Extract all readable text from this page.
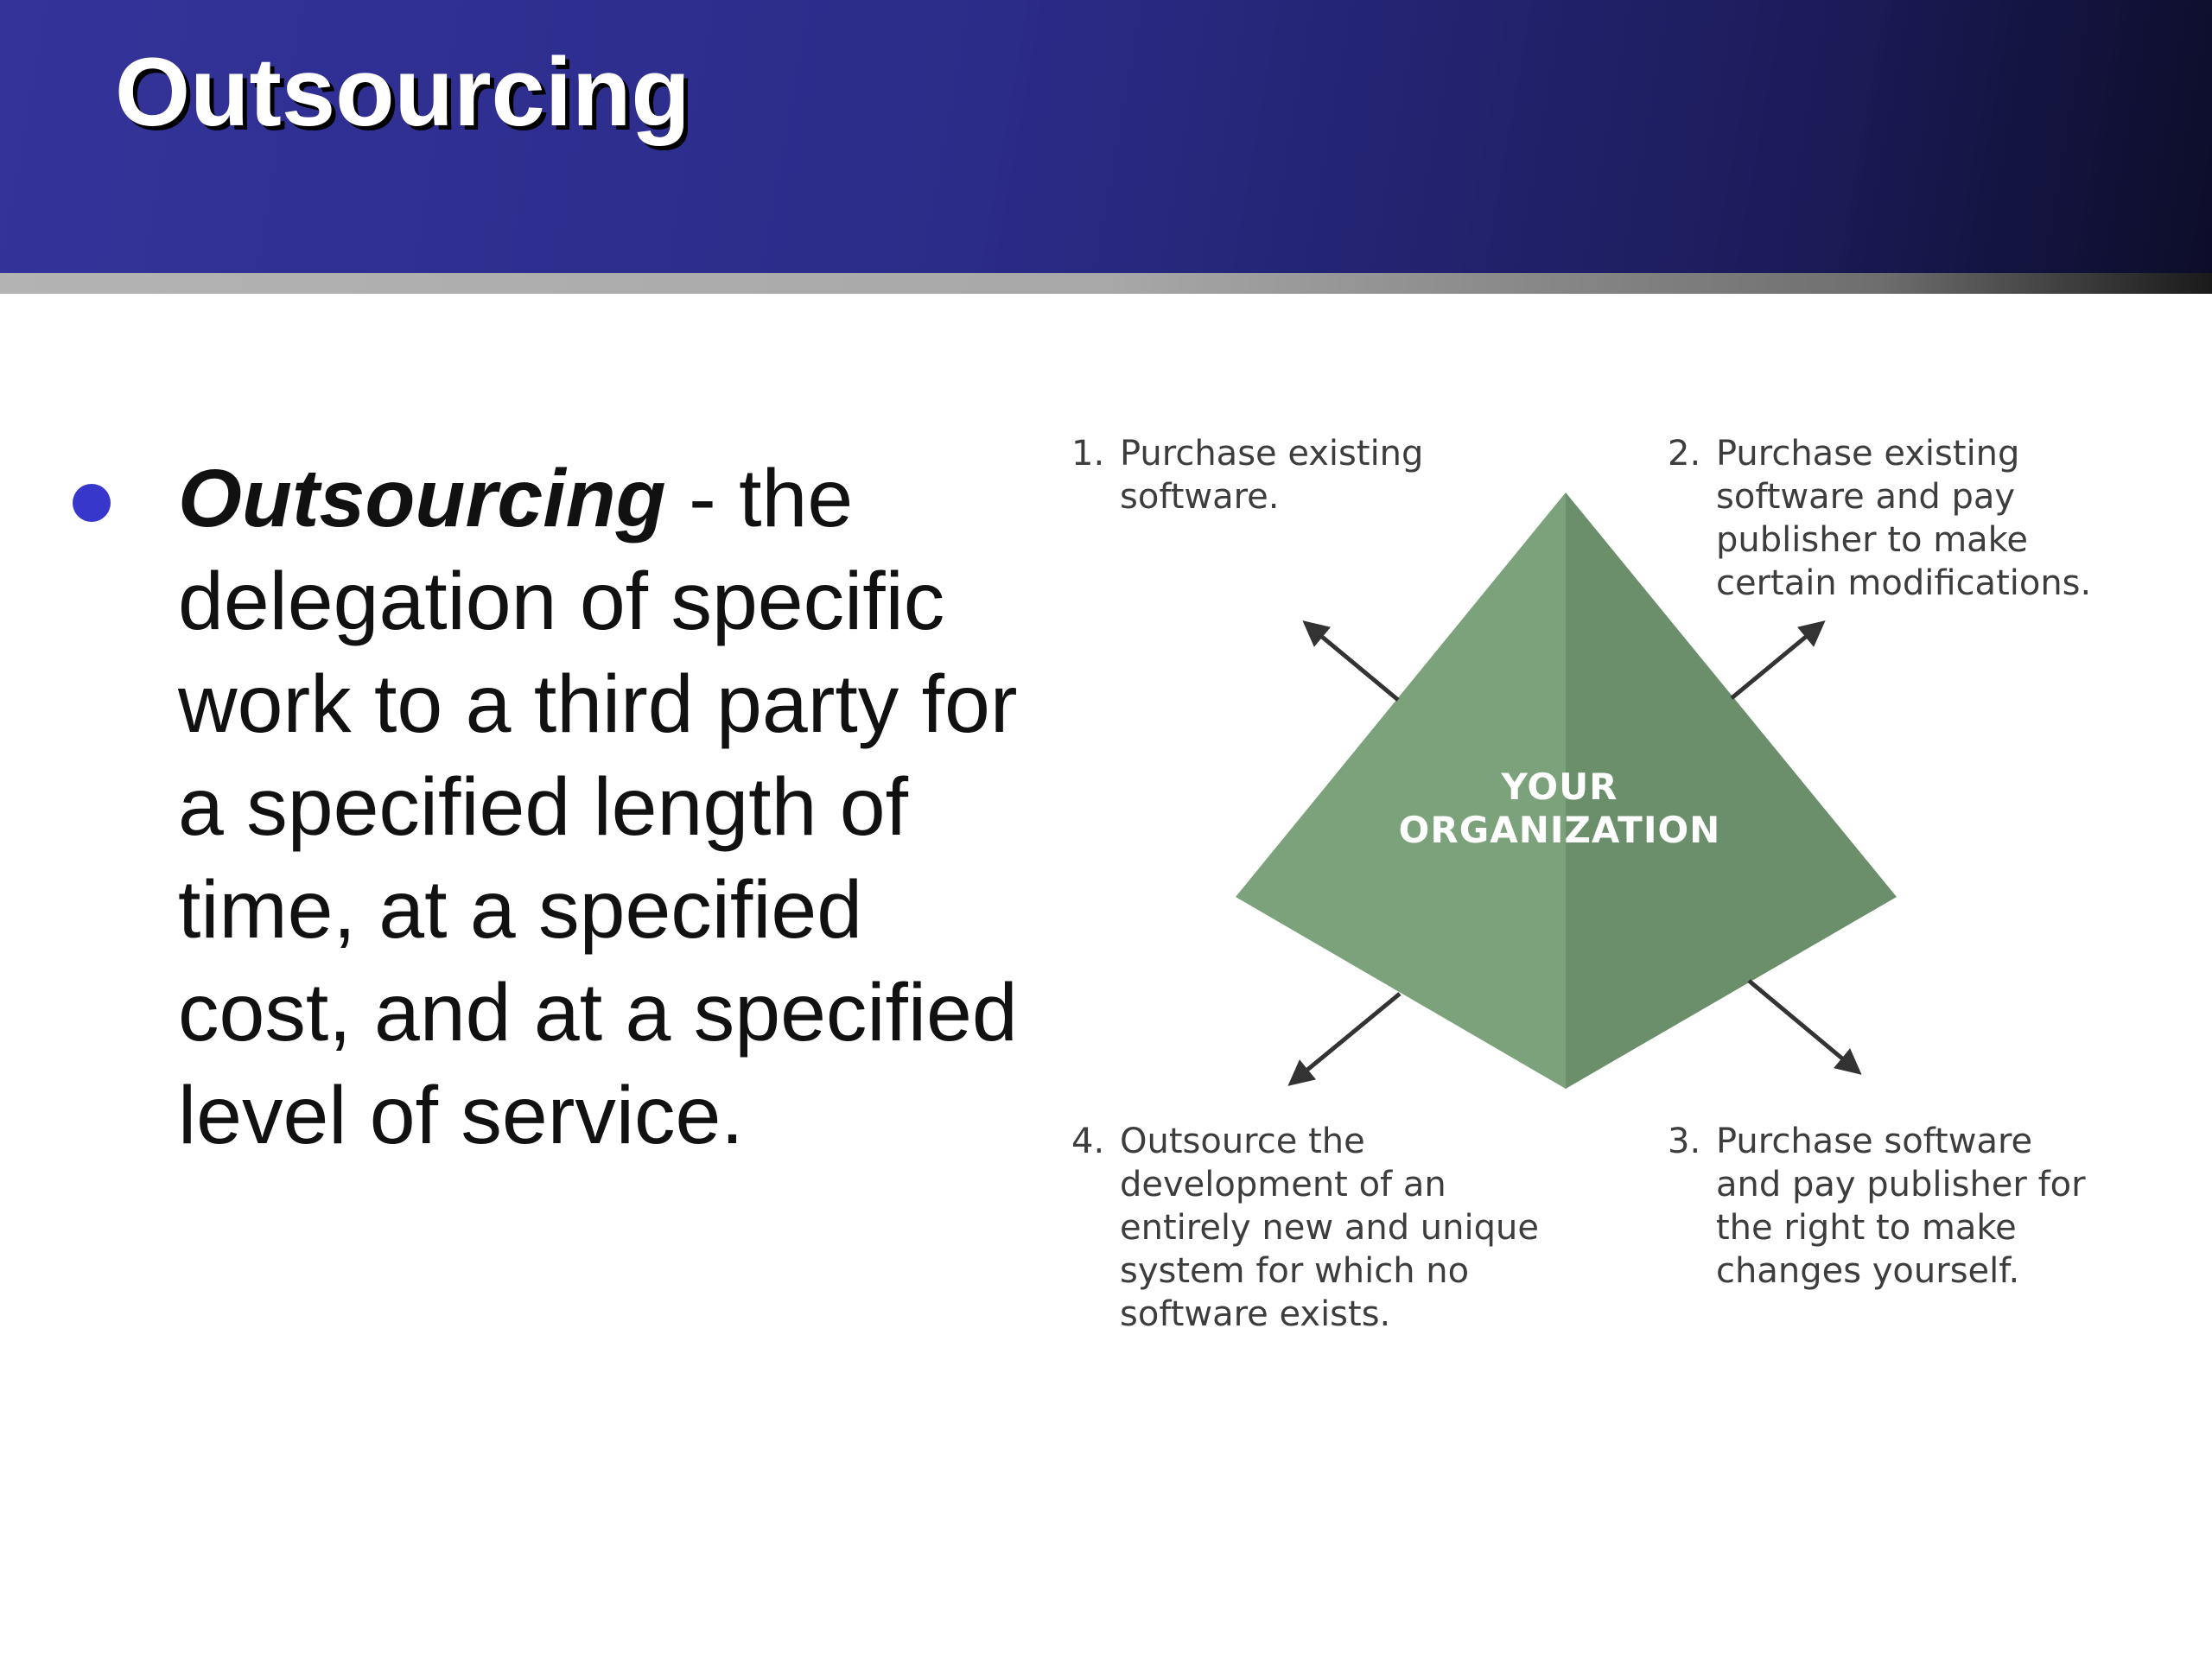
Outsourcing

Outsourcing - the delegation of specific work to a third party for a specified length of time, at a specified cost, and at a specified level of service.

YOUR
ORGANIZATION
1. Purchase existing software.

2. Purchase existing software and pay publisher to make certain modifications.

3. Purchase software and pay publisher for the right to make changes yourself.

4. Outsource the development of an entirely new and unique system for which no software exists.
